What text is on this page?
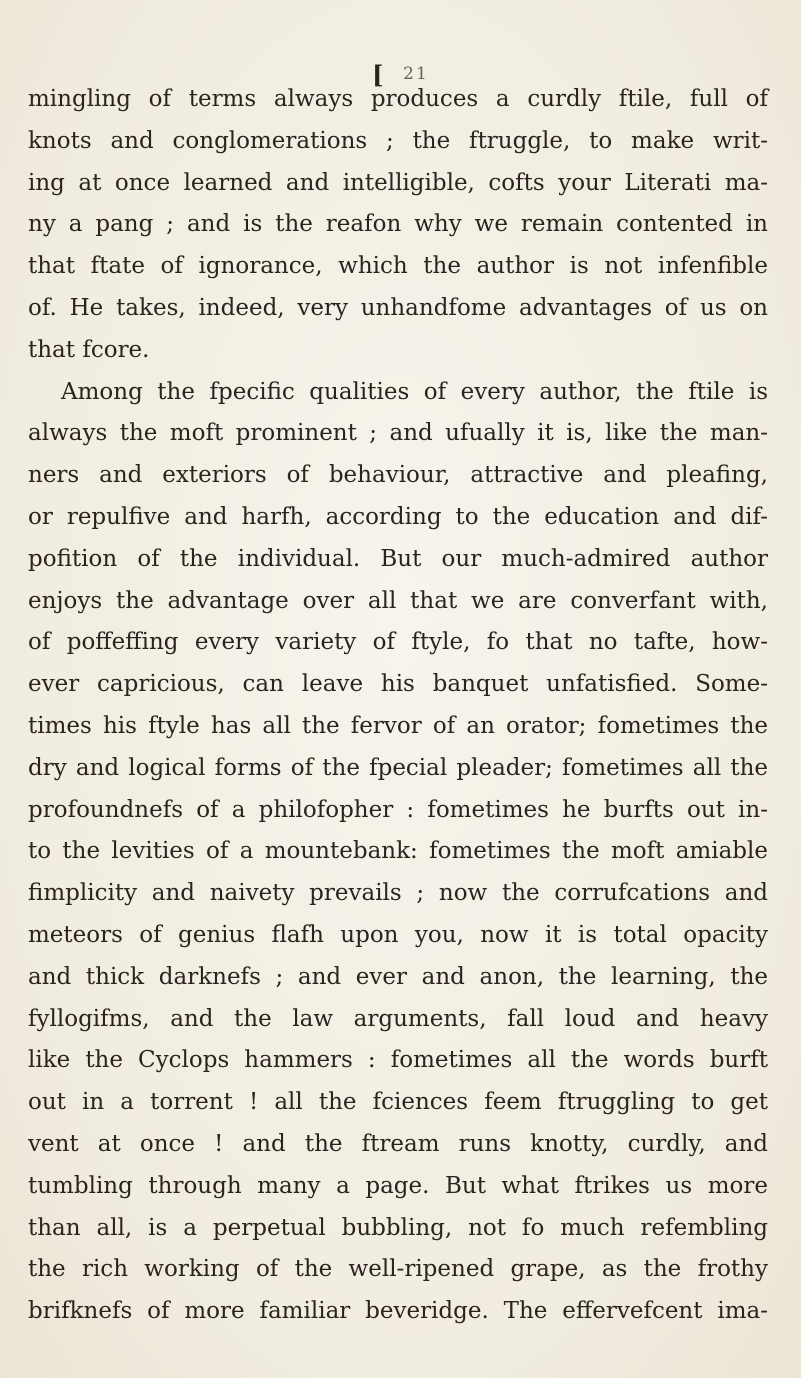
[ 21
mingling of terms always produces a curdly ftile, full of
knots and conglomerations ; the ftruggle, to make writ-
ing at once learned and intelligible, cofts your Literati ma-
ny a pang ; and is the reafon why we remain contented in
that ftate of ignorance, which the author is not infenfible
of. He takes, indeed, very unhandfome advantages of us on
that fcore.
Among the fpecific qualities of every author, the ftile is
always the moft prominent ; and ufually it is, like the man-
ners and exteriors of behaviour, attractive and pleafing,
or repulfive and harfh, according to the education and dif-
pofition of the individual. But our much-admired author
enjoys the advantage over all that we are converfant with,
of poffeffing every variety of ftyle, fo that no tafte, how-
ever capricious, can leave his banquet unfatisfied. Some-
times his ftyle has all the fervor of an orator; fometimes the
dry and logical forms of the fpecial pleader; fometimes all the
profoundnefs of a philofopher : fometimes he burfts out in-
to the levities of a mountebank: fometimes the moft amiable
fimplicity and naivety prevails ; now the corrufcations and
meteors of genius flafh upon you, now it is total opacity
and thick darknefs ; and ever and anon, the learning, the
fyllogifms, and the law arguments, fall loud and heavy
like the Cyclops hammers : fometimes all the words burft
out in a torrent ! all the fciences feem ftruggling to get
vent at once ! and the ftream runs knotty, curdly, and
tumbling through many a page. But what ftrikes us more
than all, is a perpetual bubbling, not fo much refembling
the rich working of the well-ripened grape, as the frothy
brifknefs of more familiar beveridge. The effervefcent ima-
